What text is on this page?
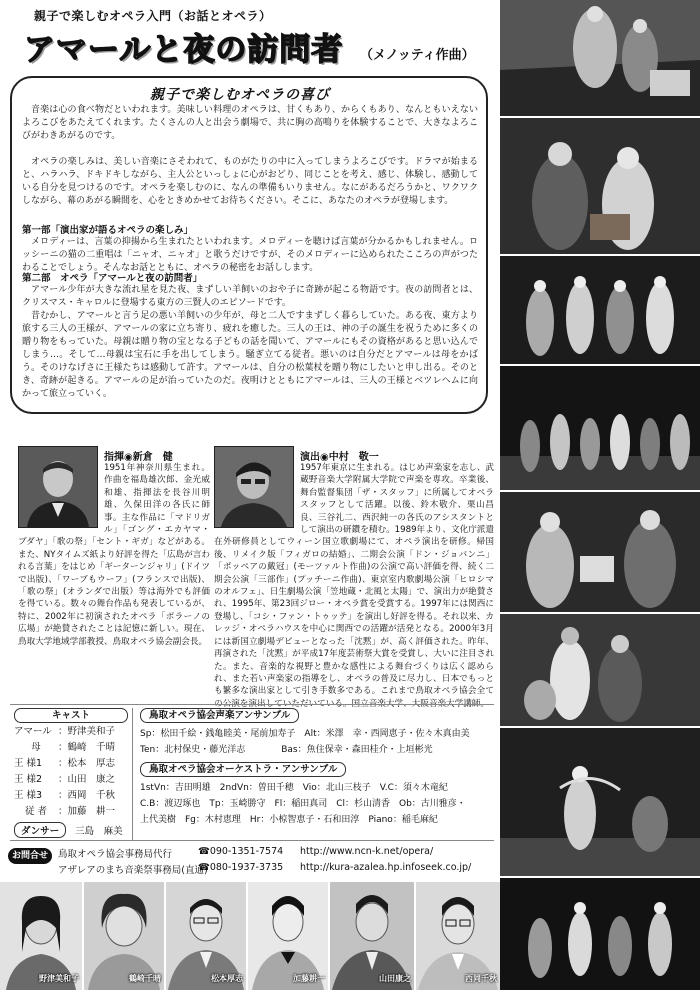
親子で楽しむオペラ入門（お話とオペラ）
アマールと夜の訪問者 （メノッティ作曲）
親子で楽しむオペラの喜び
音楽は心の食べ物だといわれます。美味しい料理のオペラは、甘くもあり、からくもあり、なんともいえないよろこびをあたえてくれます。たくさんの人と出会う劇場で、共に胸の高鳴りを体験することで、大きなよろこびがわきあがるのです。
オペラの楽しみは、美しい音楽にさそわれて、ものがたりの中に入ってしまうよろこびです。ドラマが始まると、ハラハラ、ドキドキしながら、主人公といっしょに心がおどり、同じことを考え、感じ、体験し、感動している自分を見つけるのです。オペラを楽しむのに、なんの準備もいりません。なにがあるだろうかと、ワクワクしながら、幕のあがる瞬間を、心をときめかせてお待ちください。そこに、あなたのオペラが登場します。
第一部「演出家が語るオペラの楽しみ」
メロディーは、言葉の抑揚から生まれたといわれます。メロディーを聴けば言葉が分かるかもしれません。ロッシーニの猫の二重唱は「ニャオ、ニャオ」と歌うだけですが、そのメロディーに込められたこころの声がつたわることでしょう。そんなお話とともに、オペラの秘密をお話しします。
第二部　オペラ「アマールと夜の訪問者」
アマール少年が大きな流れ星を見た夜、まずしい羊飼いのおや子に奇跡が起こる物語です。夜の訪問者とは、クリスマス・キャロルに登場する東方の三賢人のエピソードです。
昔むかし、アマールと言う足の悪い羊飼いの少年が、母と二人ですまずしく暮らしていた。ある夜、東方より旅する三人の王様が、アマールの家に立ち寄り、疲れを癒した。三人の王は、神の子の誕生を祝うために多くの贈り物をもっていた。母親は贈り物の宝となる子どもの話を聞いて、アマールにもその資格があると思い込んでしまう…。そして…母親は宝石に手を出してしまう。騒ぎ立てる従者。悪いのは自分だとアマールは母をかばう。そのけなげさに王様たちは感動して許す。アマールは、自分の松葉杖を贈り物にしたいと申し出る。そのとき、奇跡が起きる。アマールの足が治っていたのだ。夜明けとともにアマールは、三人の王様とベツレヘムに向かって旅立っていく。
指揮◉新倉　健
1951年神奈川県生まれ。作曲を福島雄次郎、金光威和雄、指揮法を長谷川明雄、久保田洋の各氏に師事。主な作品に「マドリガル」「ゴング・エカヤマ・ブダヤ」「歌の祭」「セント・ギガ」などがある。また、NYタイムズ紙より好評を得た「広島が言われる言葉」をはじめ「ギーターンジャリ」(ドイツで出版)、「ワーブもウーフ」(フランスで出版)、「歌の祭」(オランダで出版）等は海外でも評価を得ている。数々の舞台作品も発表しているが、特に、2002年に初演されたオペラ「ポラーノの広場」が絶賛されたことは記憶に新しい。現在、鳥取大学地域学部教授、鳥取オペラ協会副会長。
演出◉中村　敬一
1957年東京に生まれる。はじめ声楽家を志し、武蔵野音楽大学附属大学院で声楽を専攻。卒業後、舞台監督集団「ザ・スタッフ」に所属してオペラスタッフとして活躍。以後、鈴木敬介、栗山昌良、三谷礼二、西沢純一の各氏のアシスタントとして演出の研鑽を積む。1989年より、文化庁派遣在外研修員としてウィーン国立歌劇場にて、オペラ演出を研修。帰国後、リメイク版「フィガロの結婚」、二期会公演「ドン・ジョバンニ」「ボッペアの戴冠」(モーツァルト作曲)の公演で高い評価を得、続く二期会公演「三部作」(プッチーニ作曲)、東京室内歌劇場公演「ヒロシマのオルフェ」、日生劇場公演「笠地蔵・北風と太陽」で、演出力が絶賛され、1995年、第23回ジロー・オペラ賞を受賞する。1997年には関西に登場し、「コシ・ファン・トゥッテ」を演出し好評を得る。それ以来、カレッジ・オペラハウスを中心に関西での活躍が活発となる。2000年3月には新国立劇場デビューとなった「沈黙」が、高く評価された。昨年、再演された「沈黙」が平成17年度芸術祭大賞を受賞し、大いに注目された。また、音楽的な視野と豊かな感性による舞台づくりは広く認められ、また若い声楽家の指導をし、オペラの普及に尽力し、日本でもっとも繁多な演出家として引き手数多である。これまで鳥取オペラ協会全て
キャスト
アマール ：野津美和子
母 ：鶴崎　千晴
王 様1 ：松本　厚志
王 様2 ：山田　康之
王 様3 ：西岡　千秋
従 者 ：加藤　耕一
ダンサー 三島　麻美
鳥取オペラ協会声楽アンサンブル
Sp：松田千絵・銭亀睦美・尾前加寿子　Alt：米澤　幸・西岡恵子・佐々木真由美
Ten：北村保史・藤光洋志　　　　Bas：魚住保幸・森田桂介・上垣彬光
鳥取オペラ協会オーケストラ・アンサンブル
1stVn：吉田明雄　2ndVn：曽田千穂　Vio：北山三枝子　V.C：須々木竜紀
C.B：渡辺琢也　Tp：玉崎勝守　Fl：稲田真司　Cl：杉山清香　Ob：古川雅彦・
上代美樹　Fg：木村恵理　Hr：小椋智恵子・石和田淳　Piano：稲毛麻紀
お問合せ	鳥取オペラ協会事務局代行	☎090-1351-7574 http://www.ncn-k.net/opera/
アザレアのまち音楽祭事務局(直通)
☎080-1937-3735 http://kura-azalea.hp.infoseek.co.jp/
野津美和子	鶴崎千晴	松本厚志	加藤耕一	山田康之	西岡千秋
